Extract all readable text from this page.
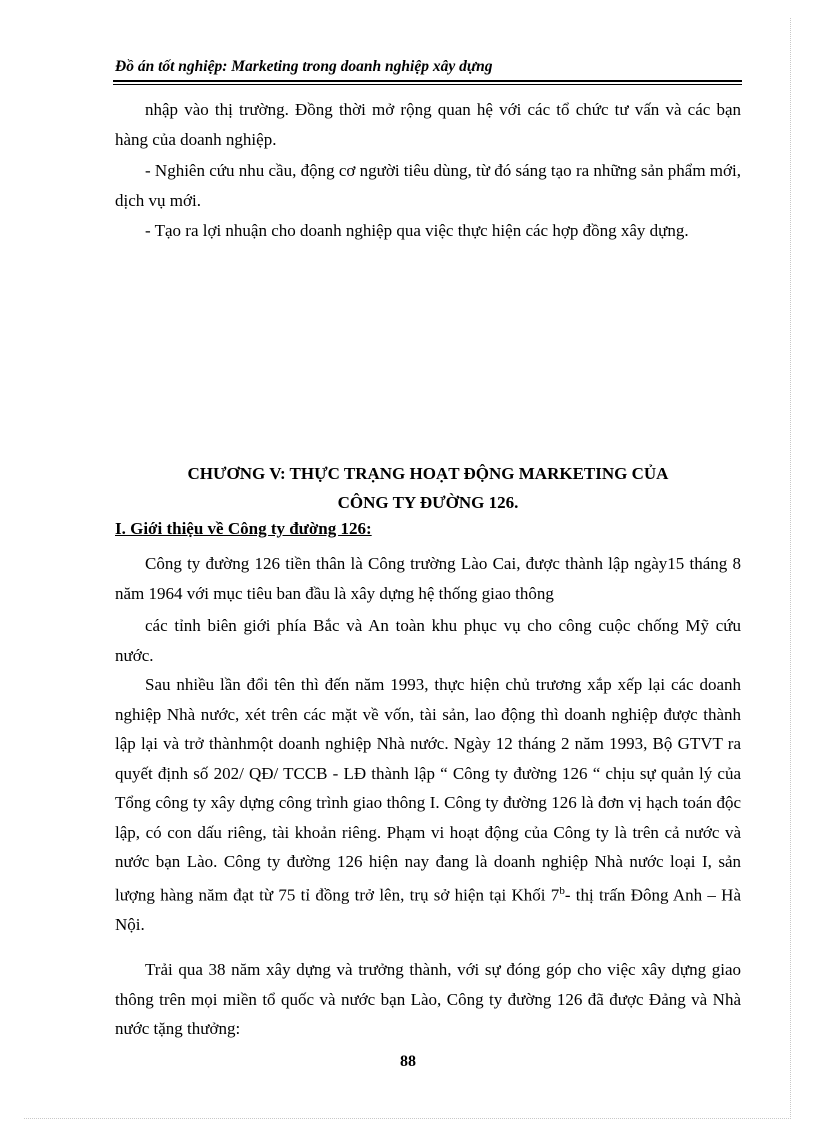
Đồ án tốt nghiệp: Marketing trong doanh nghiệp xây dựng
nhập vào thị trường. Đồng thời mở rộng quan hệ với các tổ chức tư vấn và các bạn hàng của doanh nghiệp.
- Nghiên cứu nhu cầu, động cơ người tiêu dùng, từ đó sáng tạo ra những sản phẩm mới, dịch vụ mới.
- Tạo ra lợi nhuận cho doanh nghiệp qua việc thực hiện các hợp đồng xây dựng.
CHƯƠNG V: THỰC TRẠNG HOẠT ĐỘNG MARKETING CỦA
CÔNG TY ĐƯỜNG 126.
I. Giới thiệu về Công ty đường 126:
Công ty đường 126 tiền thân là Công trường Lào Cai, được thành lập ngày15 tháng 8 năm 1964 với mục tiêu ban đầu là xây dựng hệ thống giao thông
các tỉnh biên giới phía Bắc và An toàn khu phục vụ cho công cuộc chống Mỹ cứu nước.
Sau nhiều lần đổi tên thì đến năm 1993, thực hiện chủ trương xắp xếp lại các doanh nghiệp Nhà nước, xét trên các mặt về vốn, tài sản, lao động thì doanh nghiệp được thành lập lại và trở thànhmột doanh nghiệp Nhà nước. Ngày 12 tháng 2 năm 1993, Bộ GTVT ra quyết định số 202/ QĐ/ TCCB - LĐ thành lập “ Công ty đường 126 “ chịu sự quản lý của Tổng công ty xây dựng công trình giao thông I. Công ty đường 126 là đơn vị hạch toán độc lập, có con dấu riêng, tài khoản riêng. Phạm vi hoạt động của Công ty là trên cả nước và nước bạn Lào. Công ty đường 126 hiện nay đang là doanh nghiệp Nhà nước loại I, sản lượng hàng năm đạt từ 75 tỉ đồng trở lên, trụ sở hiện tại Khối 7$^b$- thị trấn Đông Anh – Hà Nội.
Trải qua 38 năm xây dựng và trưởng thành, với sự đóng góp cho việc xây dựng giao thông trên mọi miền tổ quốc và nước bạn Lào, Công ty đường 126 đã được Đảng và Nhà nước tặng thưởng:
88
